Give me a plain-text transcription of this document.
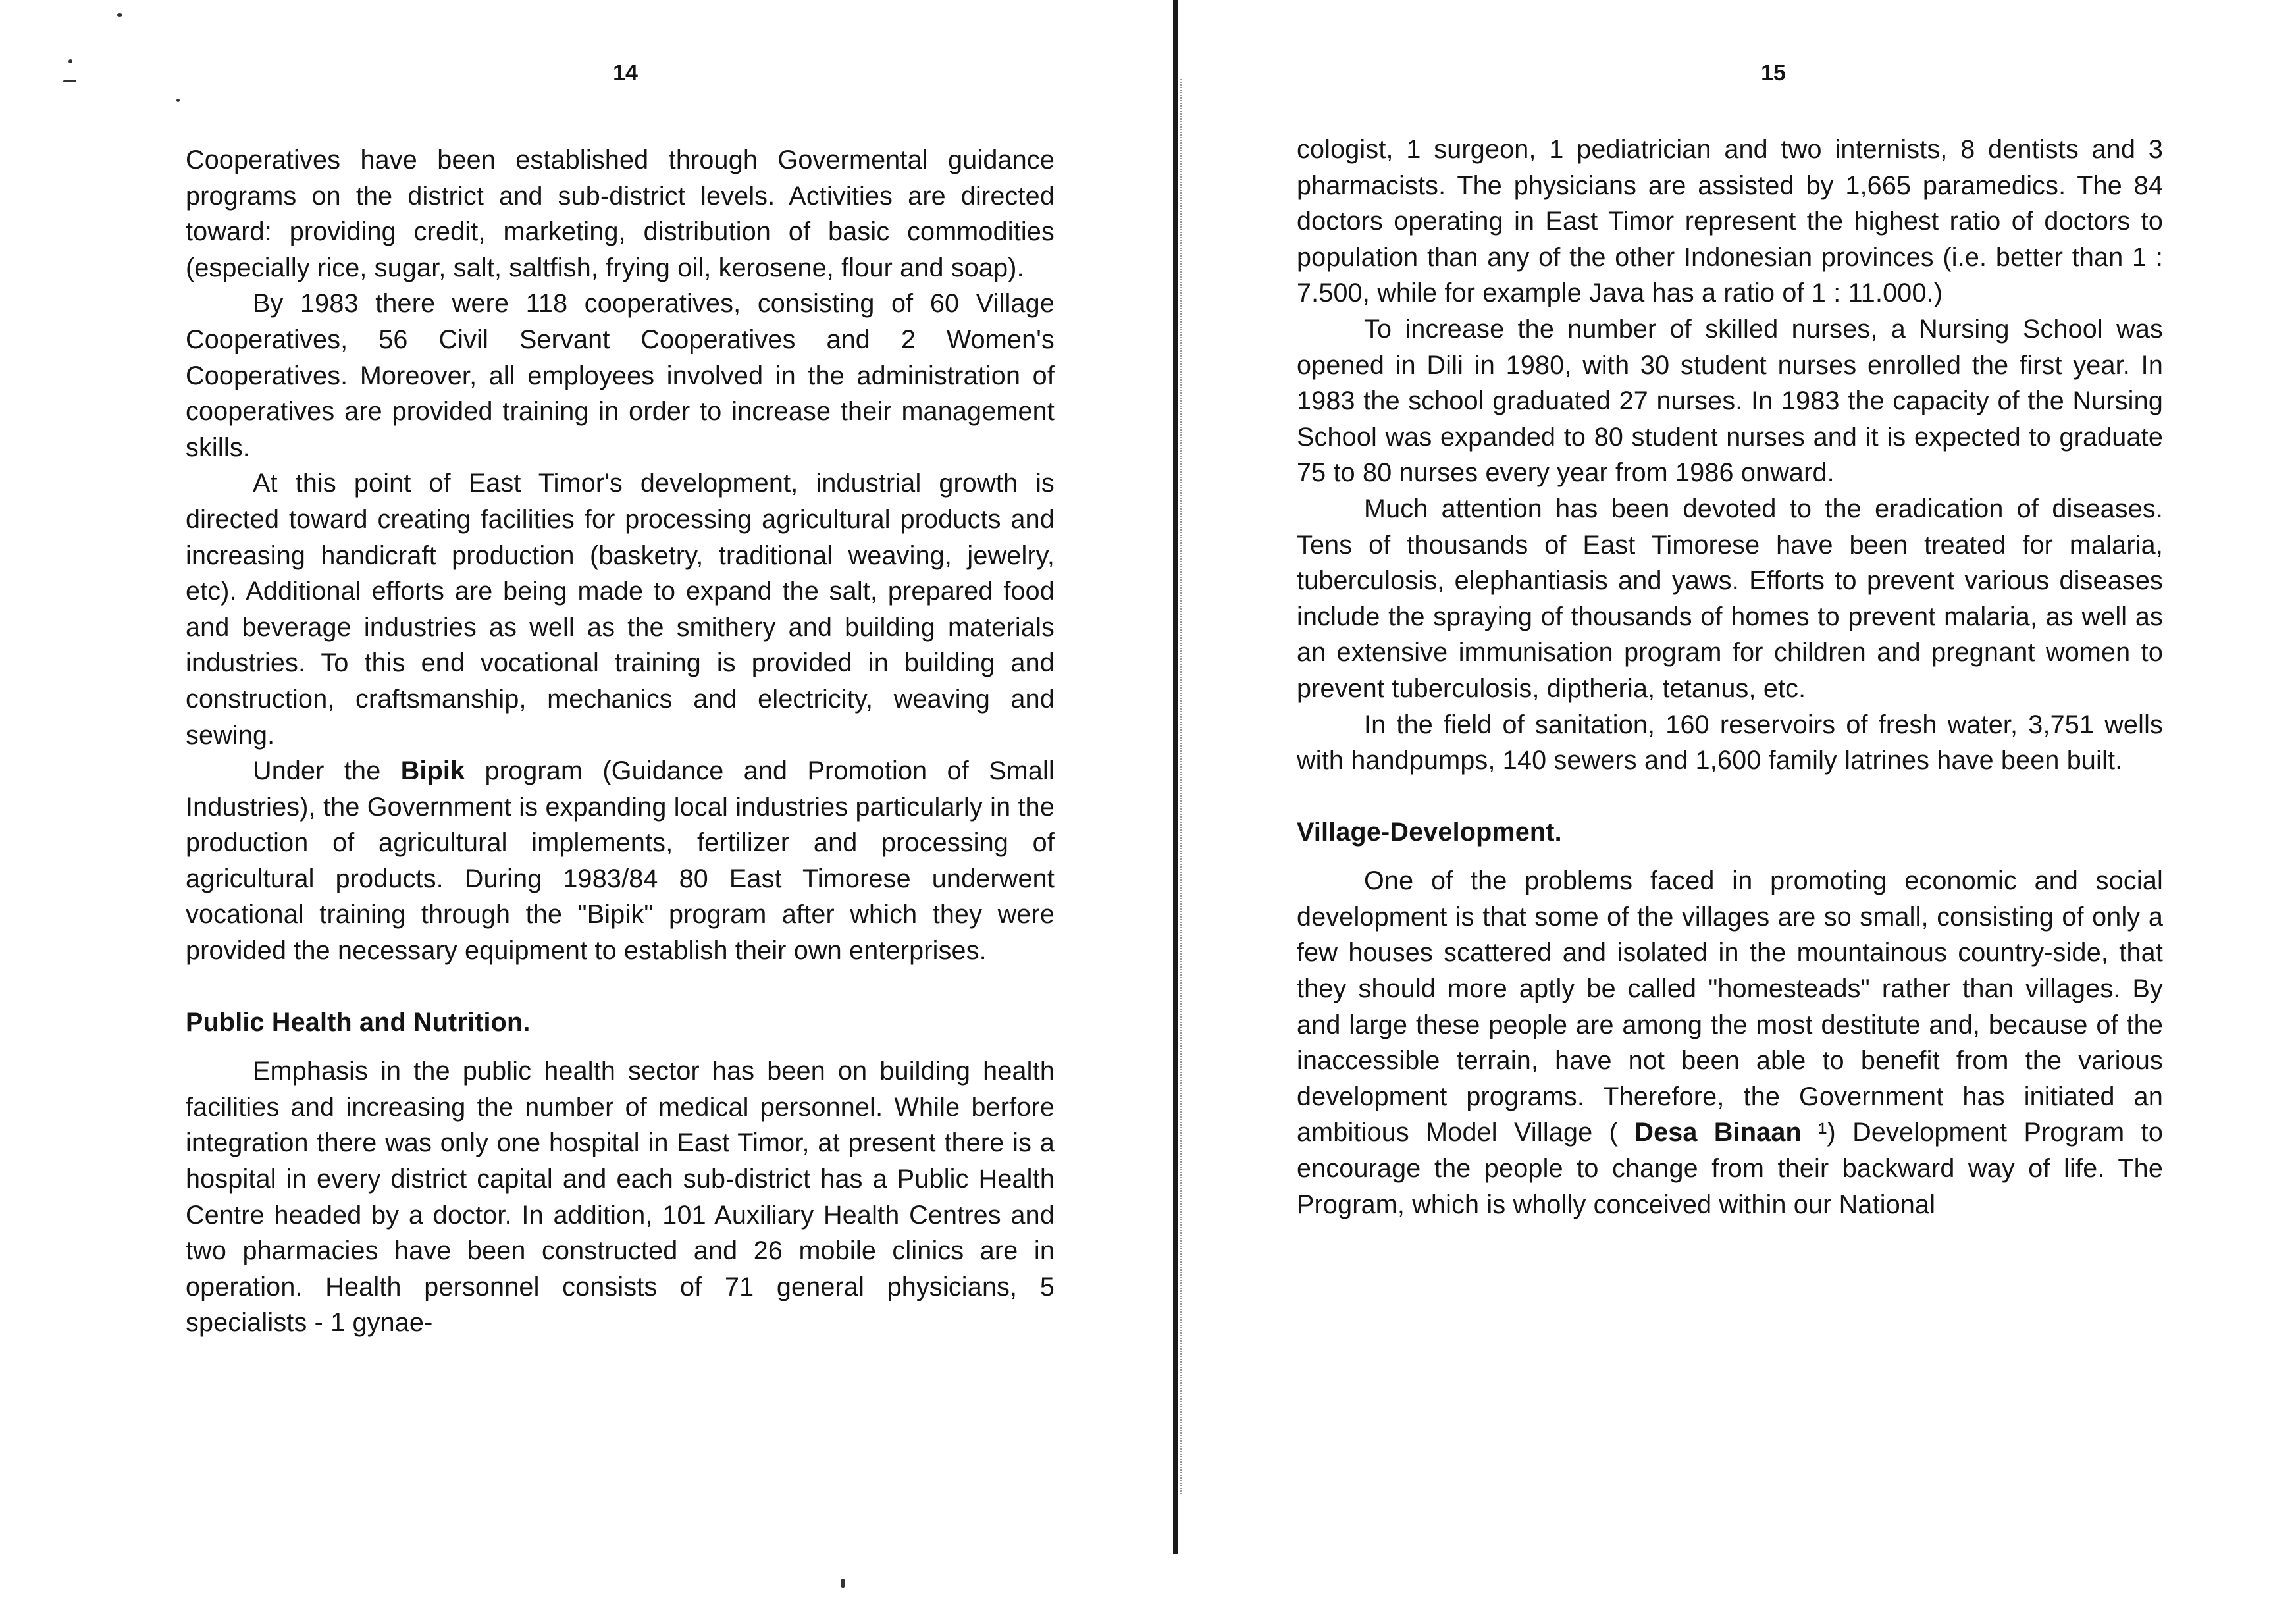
14

Cooperatives have been established through Govermental guidance programs on the district and sub-district levels. Activities are directed toward: providing credit, marketing, distribution of basic commodities (especially rice, sugar, salt, saltfish, frying oil, kerosene, flour and soap).

By 1983 there were 118 cooperatives, consisting of 60 Village Cooperatives, 56 Civil Servant Cooperatives and 2 Women's Cooperatives. Moreover, all employees involved in the administration of cooperatives are provided training in order to increase their management skills.

At this point of East Timor's development, industrial growth is directed toward creating facilities for processing agricultural products and increasing handicraft production (basketry, traditional weaving, jewelry, etc). Additional efforts are being made to expand the salt, prepared food and beverage industries as well as the smithery and building materials industries. To this end vocational training is provided in building and construction, craftsmanship, mechanics and electricity, weaving and sewing.

Under the Bipik program (Guidance and Promotion of Small Industries), the Government is expanding local industries particularly in the production of agricultural implements, fertilizer and processing of agricultural products. During 1983/84 80 East Timorese underwent vocational training through the "Bipik" program after which they were provided the necessary equipment to establish their own enterprises.

Public Health and Nutrition.

Emphasis in the public health sector has been on building health facilities and increasing the number of medical personnel. While berfore integration there was only one hospital in East Timor, at present there is a hospital in every district capital and each sub-district has a Public Health Centre headed by a doctor. In addition, 101 Auxiliary Health Centres and two pharmacies have been constructed and 26 mobile clinics are in operation. Health personnel consists of 71 general physicians, 5 specialists - 1 gynae-

15

cologist, 1 surgeon, 1 pediatrician and two internists, 8 dentists and 3 pharmacists. The physicians are assisted by 1,665 paramedics. The 84 doctors operating in East Timor represent the highest ratio of doctors to population than any of the other Indonesian provinces (i.e. better than 1 : 7.500, while for example Java has a ratio of 1 : 11.000.)

To increase the number of skilled nurses, a Nursing School was opened in Dili in 1980, with 30 student nurses enrolled the first year. In 1983 the school graduated 27 nurses. In 1983 the capacity of the Nursing School was expanded to 80 student nurses and it is expected to graduate 75 to 80 nurses every year from 1986 onward.

Much attention has been devoted to the eradication of diseases. Tens of thousands of East Timorese have been treated for malaria, tuberculosis, elephantiasis and yaws. Efforts to prevent various diseases include the spraying of thousands of homes to prevent malaria, as well as an extensive immunisation program for children and pregnant women to prevent tuberculosis, diptheria, tetanus, etc.

In the field of sanitation, 160 reservoirs of fresh water, 3,751 wells with handpumps, 140 sewers and 1,600 family latrines have been built.

Village-Development.

One of the problems faced in promoting economic and social development is that some of the villages are so small, consisting of only a few houses scattered and isolated in the mountainous country-side, that they should more aptly be called "homesteads" rather than villages. By and large these people are among the most destitute and, because of the inaccessible terrain, have not been able to benefit from the various development programs. Therefore, the Government has initiated an ambitious Model Village ( Desa Binaan ¹) Development Program to encourage the people to change from their backward way of life. The Program, which is wholly conceived within our National
